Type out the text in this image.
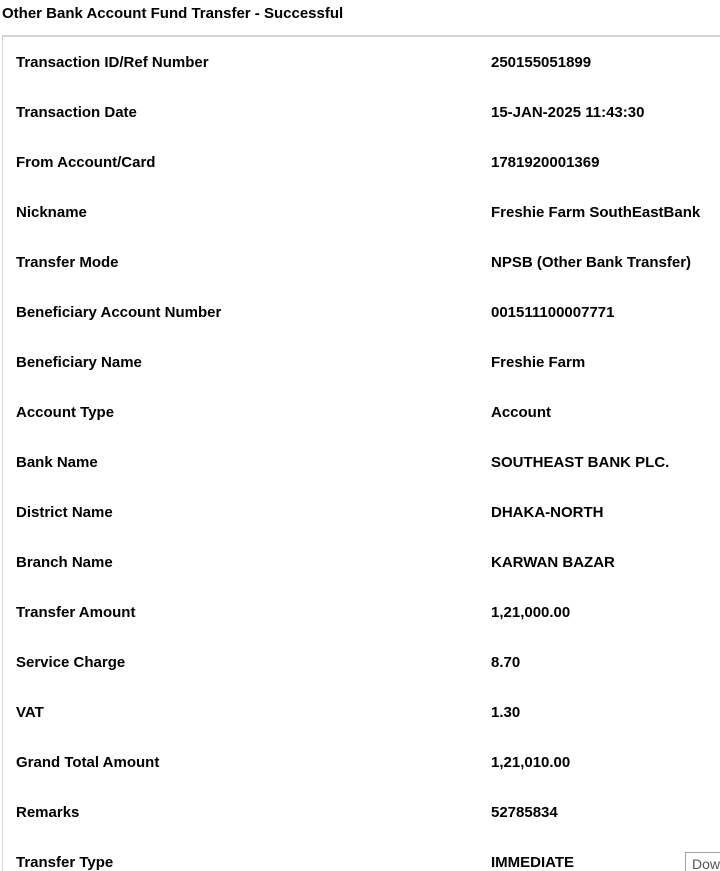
Other Bank Account Fund Transfer - Successful
Transaction ID/Ref Number	250155051899
Transaction Date	15-JAN-2025 11:43:30
From Account/Card	1781920001369
Nickname	Freshie Farm SouthEastBank
Transfer Mode	NPSB (Other Bank Transfer)
Beneficiary Account Number	001511100007771
Beneficiary Name	Freshie Farm
Account Type	Account
Bank Name	SOUTHEAST BANK PLC.
District Name	DHAKA-NORTH
Branch Name	KARWAN BAZAR
Transfer Amount	1,21,000.00
Service Charge	8.70
VAT	1.30
Grand Total Amount	1,21,010.00
Remarks	52785834
Transfer Type	IMMEDIATE	Dow
